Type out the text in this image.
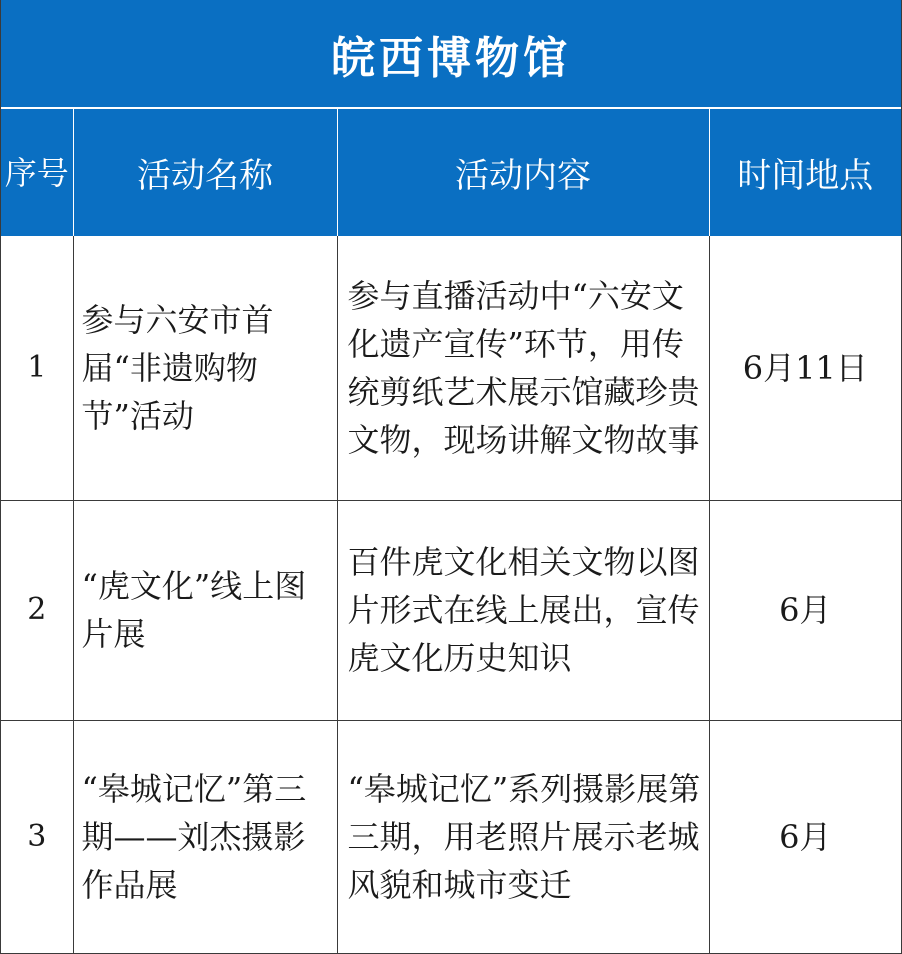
皖西博物馆
序号	活动名称	活动内容	时间地点
1	参与六安市首届“非遗购物节”活动	参与直播活动中“六安文化遗产宣传”环节，用传统剪纸艺术展示馆藏珍贵文物，现场讲解文物故事	6月11日
2	“虎文化”线上图片展	百件虎文化相关文物以图片形式在线上展出，宣传虎文化历史知识	6月
3	“皋城记忆”第三期——刘杰摄影作品展	“皋城记忆”系列摄影展第三期，用老照片展示老城风貌和城市变迁	6月
